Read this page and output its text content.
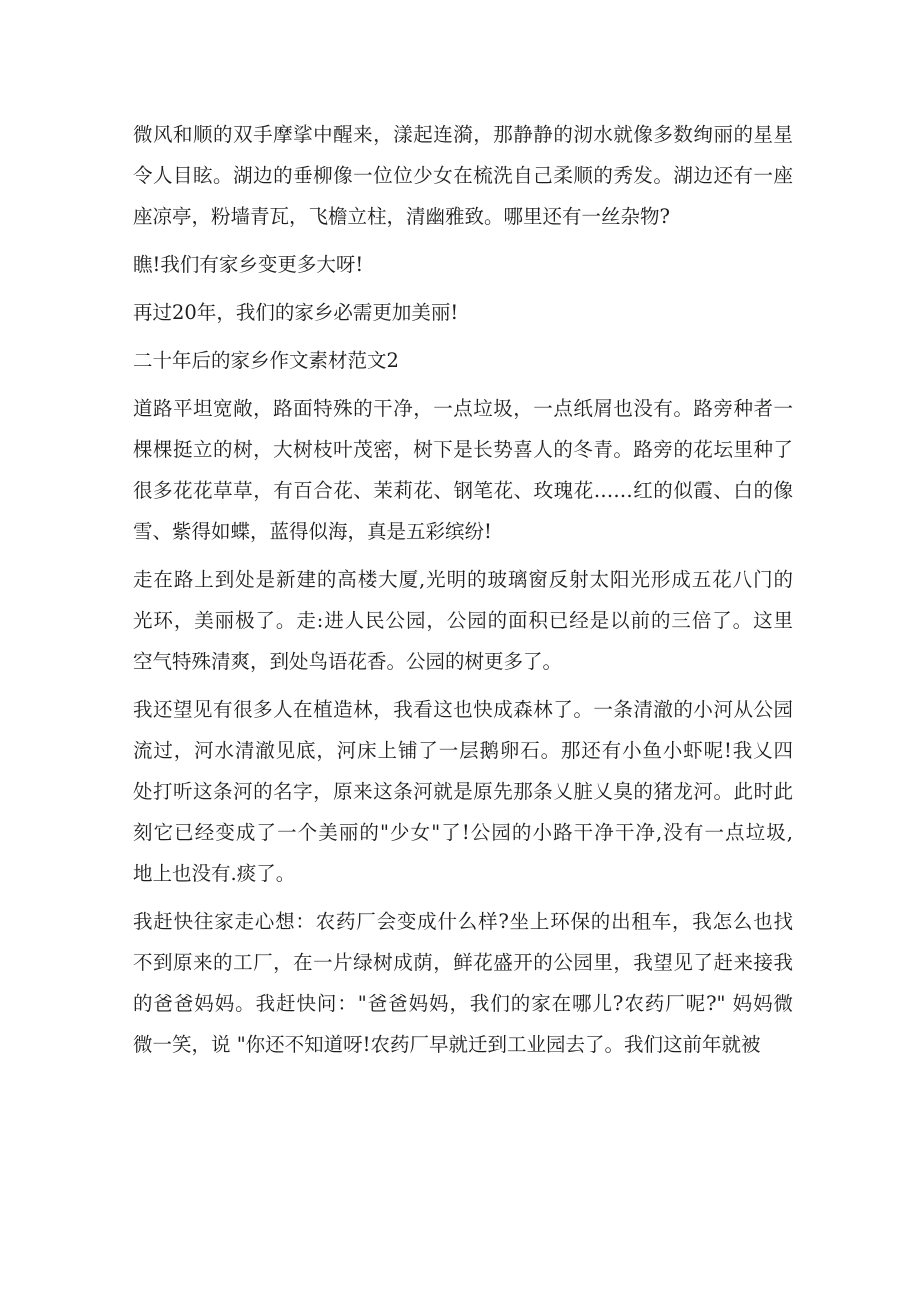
微风和顺的双手摩挲中醒来，漾起连漪，那静静的沏水就像多数绚丽的星星
令人目眩。湖边的垂柳像一位位少女在梳洗自己柔顺的秀发。湖边还有一座
座凉亭，粉墙青瓦，飞檐立柱，清幽雅致。哪里还有一丝杂物?
瞧!我们有家乡变更多大呀!
再过20年，我们的家乡必需更加美丽!
二十年后的家乡作文素材范文2
道路平坦宽敞，路面特殊的干净，一点垃圾，一点纸屑也没有。路旁种者一
棵棵挺立的树，大树枝叶茂密，树下是长势喜人的冬青。路旁的花坛里种了
很多花花草草，有百合花、茉莉花、钢笔花、玫瑰花……红的似霞、白的像
雪、紫得如蝶，蓝得似海，真是五彩缤纷!
走在路上到处是新建的高楼大厦,光明的玻璃窗反射太阳光形成五花八门的
光环，美丽极了。走:进人民公园，公园的面积已经是以前的三倍了。这里
空气特殊清爽，到处鸟语花香。公园的树更多了。
我还望见有很多人在植造林，我看这也快成森林了。一条清澈的小河从公园
流过，河水清澈见底，河床上铺了一层鹅卵石。那还有小鱼小虾呢!我乂四
处打听这条河的名字，原来这条河就是原先那条乂脏乂臭的猪龙河。此时此
刻它已经变成了一个美丽的"少女"了!公园的小路干净干净,没有一点垃圾,
地上也没有.痰了。
我赶快往家走心想：农药厂会变成什么样?坐上环保的出租车，我怎么也找
不到原来的工厂，在一片绿树成荫，鲜花盛开的公园里，我望见了赶来接我
的爸爸妈妈。我赶快问："爸爸妈妈，我们的家在哪儿?农药厂呢?" 妈妈微
微一笑，说 "你还不知道呀!农药厂早就迁到工业园去了。我们这前年就被
